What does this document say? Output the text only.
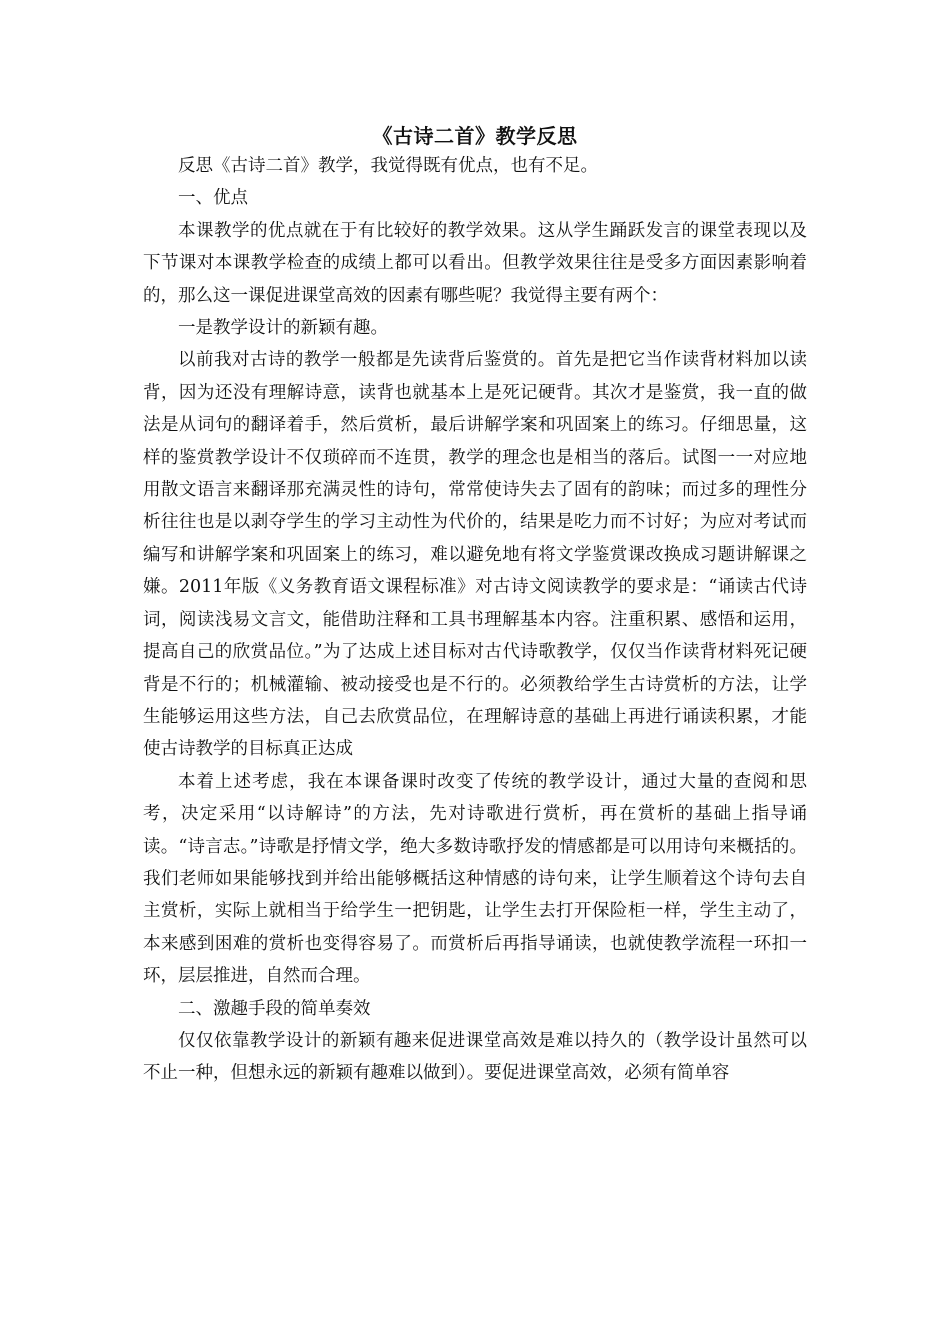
《古诗二首》教学反思

反思《古诗二首》教学，我觉得既有优点，也有不足。

一、优点

本课教学的优点就在于有比较好的教学效果。这从学生踊跃发言的课堂表现以及下节课对本课教学检查的成绩上都可以看出。但教学效果往往是受多方面因素影响着的，那么这一课促进课堂高效的因素有哪些呢？我觉得主要有两个：

一是教学设计的新颖有趣。

以前我对古诗的教学一般都是先读背后鉴赏的。首先是把它当作读背材料加以读背，因为还没有理解诗意，读背也就基本上是死记硬背。其次才是鉴赏，我一直的做法是从词句的翻译着手，然后赏析，最后讲解学案和巩固案上的练习。仔细思量，这样的鉴赏教学设计不仅琐碎而不连贯，教学的理念也是相当的落后。试图一一对应地用散文语言来翻译那充满灵性的诗句，常常使诗失去了固有的韵味；而过多的理性分析往往也是以剥夺学生的学习主动性为代价的，结果是吃力而不讨好；为应对考试而编写和讲解学案和巩固案上的练习，难以避免地有将文学鉴赏课改换成习题讲解课之嫌。2011年版《义务教育语文课程标准》对古诗文阅读教学的要求是：“诵读古代诗词，阅读浅易文言文，能借助注释和工具书理解基本内容。注重积累、感悟和运用，提高自己的欣赏品位。”为了达成上述目标对古代诗歌教学，仅仅当作读背材料死记硬背是不行的；机械灌输、被动接受也是不行的。必须教给学生古诗赏析的方法，让学生能够运用这些方法，自己去欣赏品位，在理解诗意的基础上再进行诵读积累，才能使古诗教学的目标真正达成

本着上述考虑，我在本课备课时改变了传统的教学设计，通过大量的查阅和思考，决定采用“以诗解诗”的方法，先对诗歌进行赏析，再在赏析的基础上指导诵读。“诗言志。”诗歌是抒情文学，绝大多数诗歌抒发的情感都是可以用诗句来概括的。我们老师如果能够找到并给出能够概括这种情感的诗句来，让学生顺着这个诗句去自主赏析，实际上就相当于给学生一把钥匙，让学生去打开保险柜一样，学生主动了，本来感到困难的赏析也变得容易了。而赏析后再指导诵读，也就使教学流程一环扣一环，层层推进，自然而合理。

二、激趣手段的简单奏效

仅仅依靠教学设计的新颖有趣来促进课堂高效是难以持久的（教学设计虽然可以不止一种，但想永远的新颖有趣难以做到）。要促进课堂高效，必须有简单容
